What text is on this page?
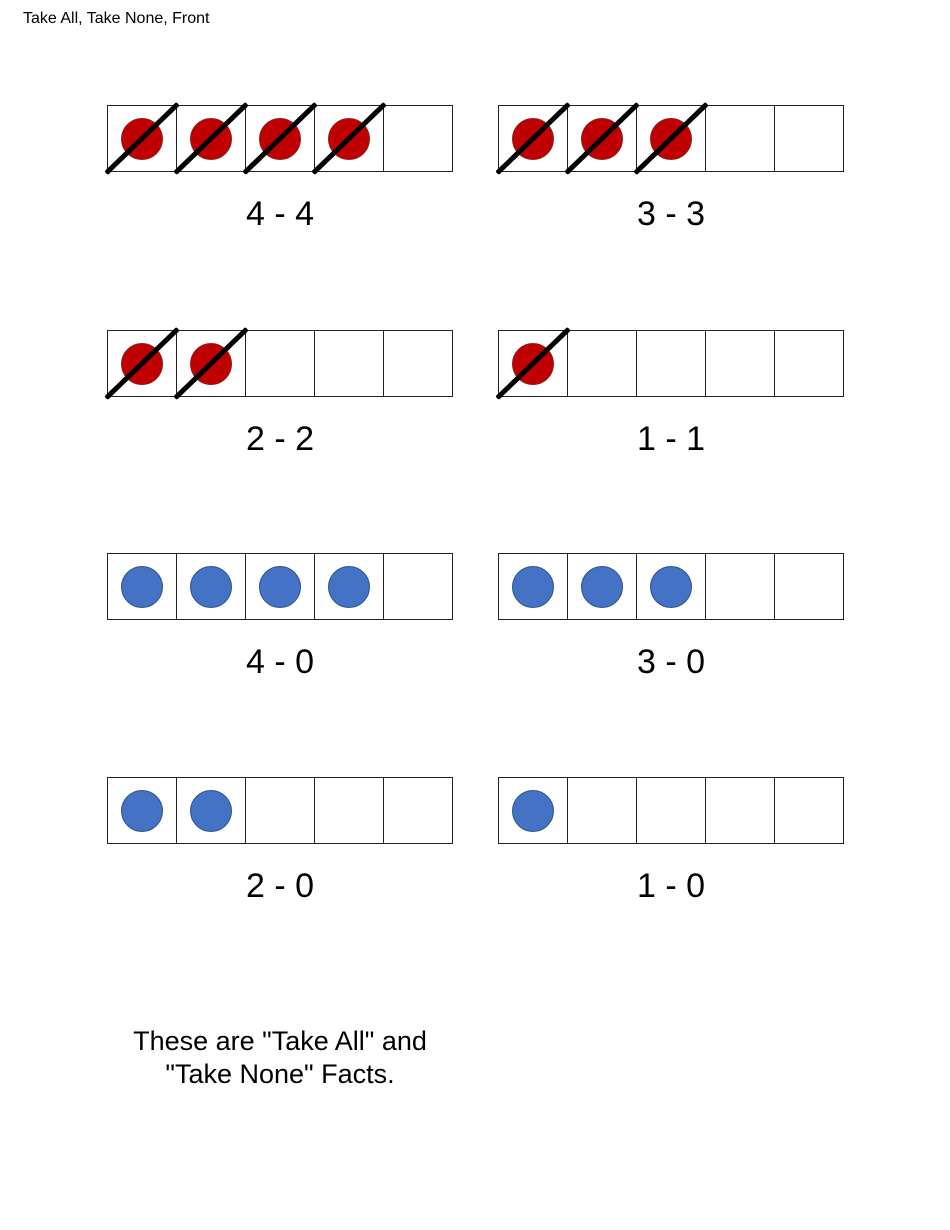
Take All, Take None, Front
4 - 4	3 - 3
2 - 2	1 - 1
4 - 0	3 - 0
2 - 0	1 - 0
These are "Take All" and
"Take None" Facts.
